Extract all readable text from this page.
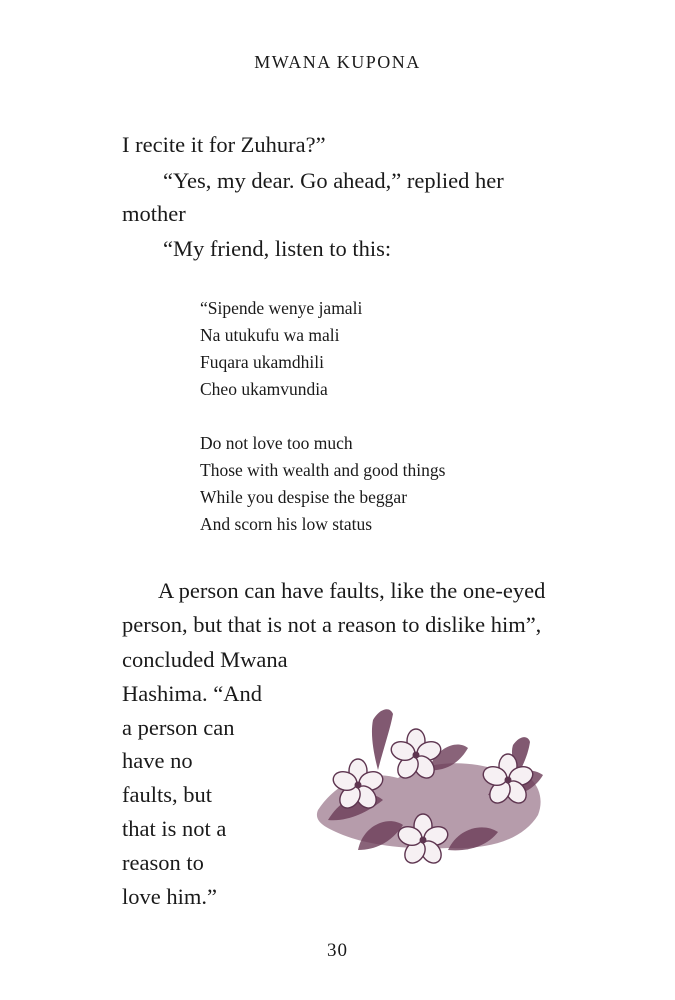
MWANA KUPONA
I recite it for Zuhura?”
“Yes, my dear. Go ahead,” replied her
mother
“My friend, listen to this:
“Sipende wenye jamali
Na utukufu wa mali
Fuqara ukamdhili
Cheo ukamvundia
Do not love too much
Those with wealth and good things
While you despise the beggar
And scorn his low status
A person can have faults, like the one-eyed
person, but that is not a reason to dislike him”,
concluded Mwana
Hashima. “And
a person can
have no
faults, but
that is not a
reason to
love him.”
30
